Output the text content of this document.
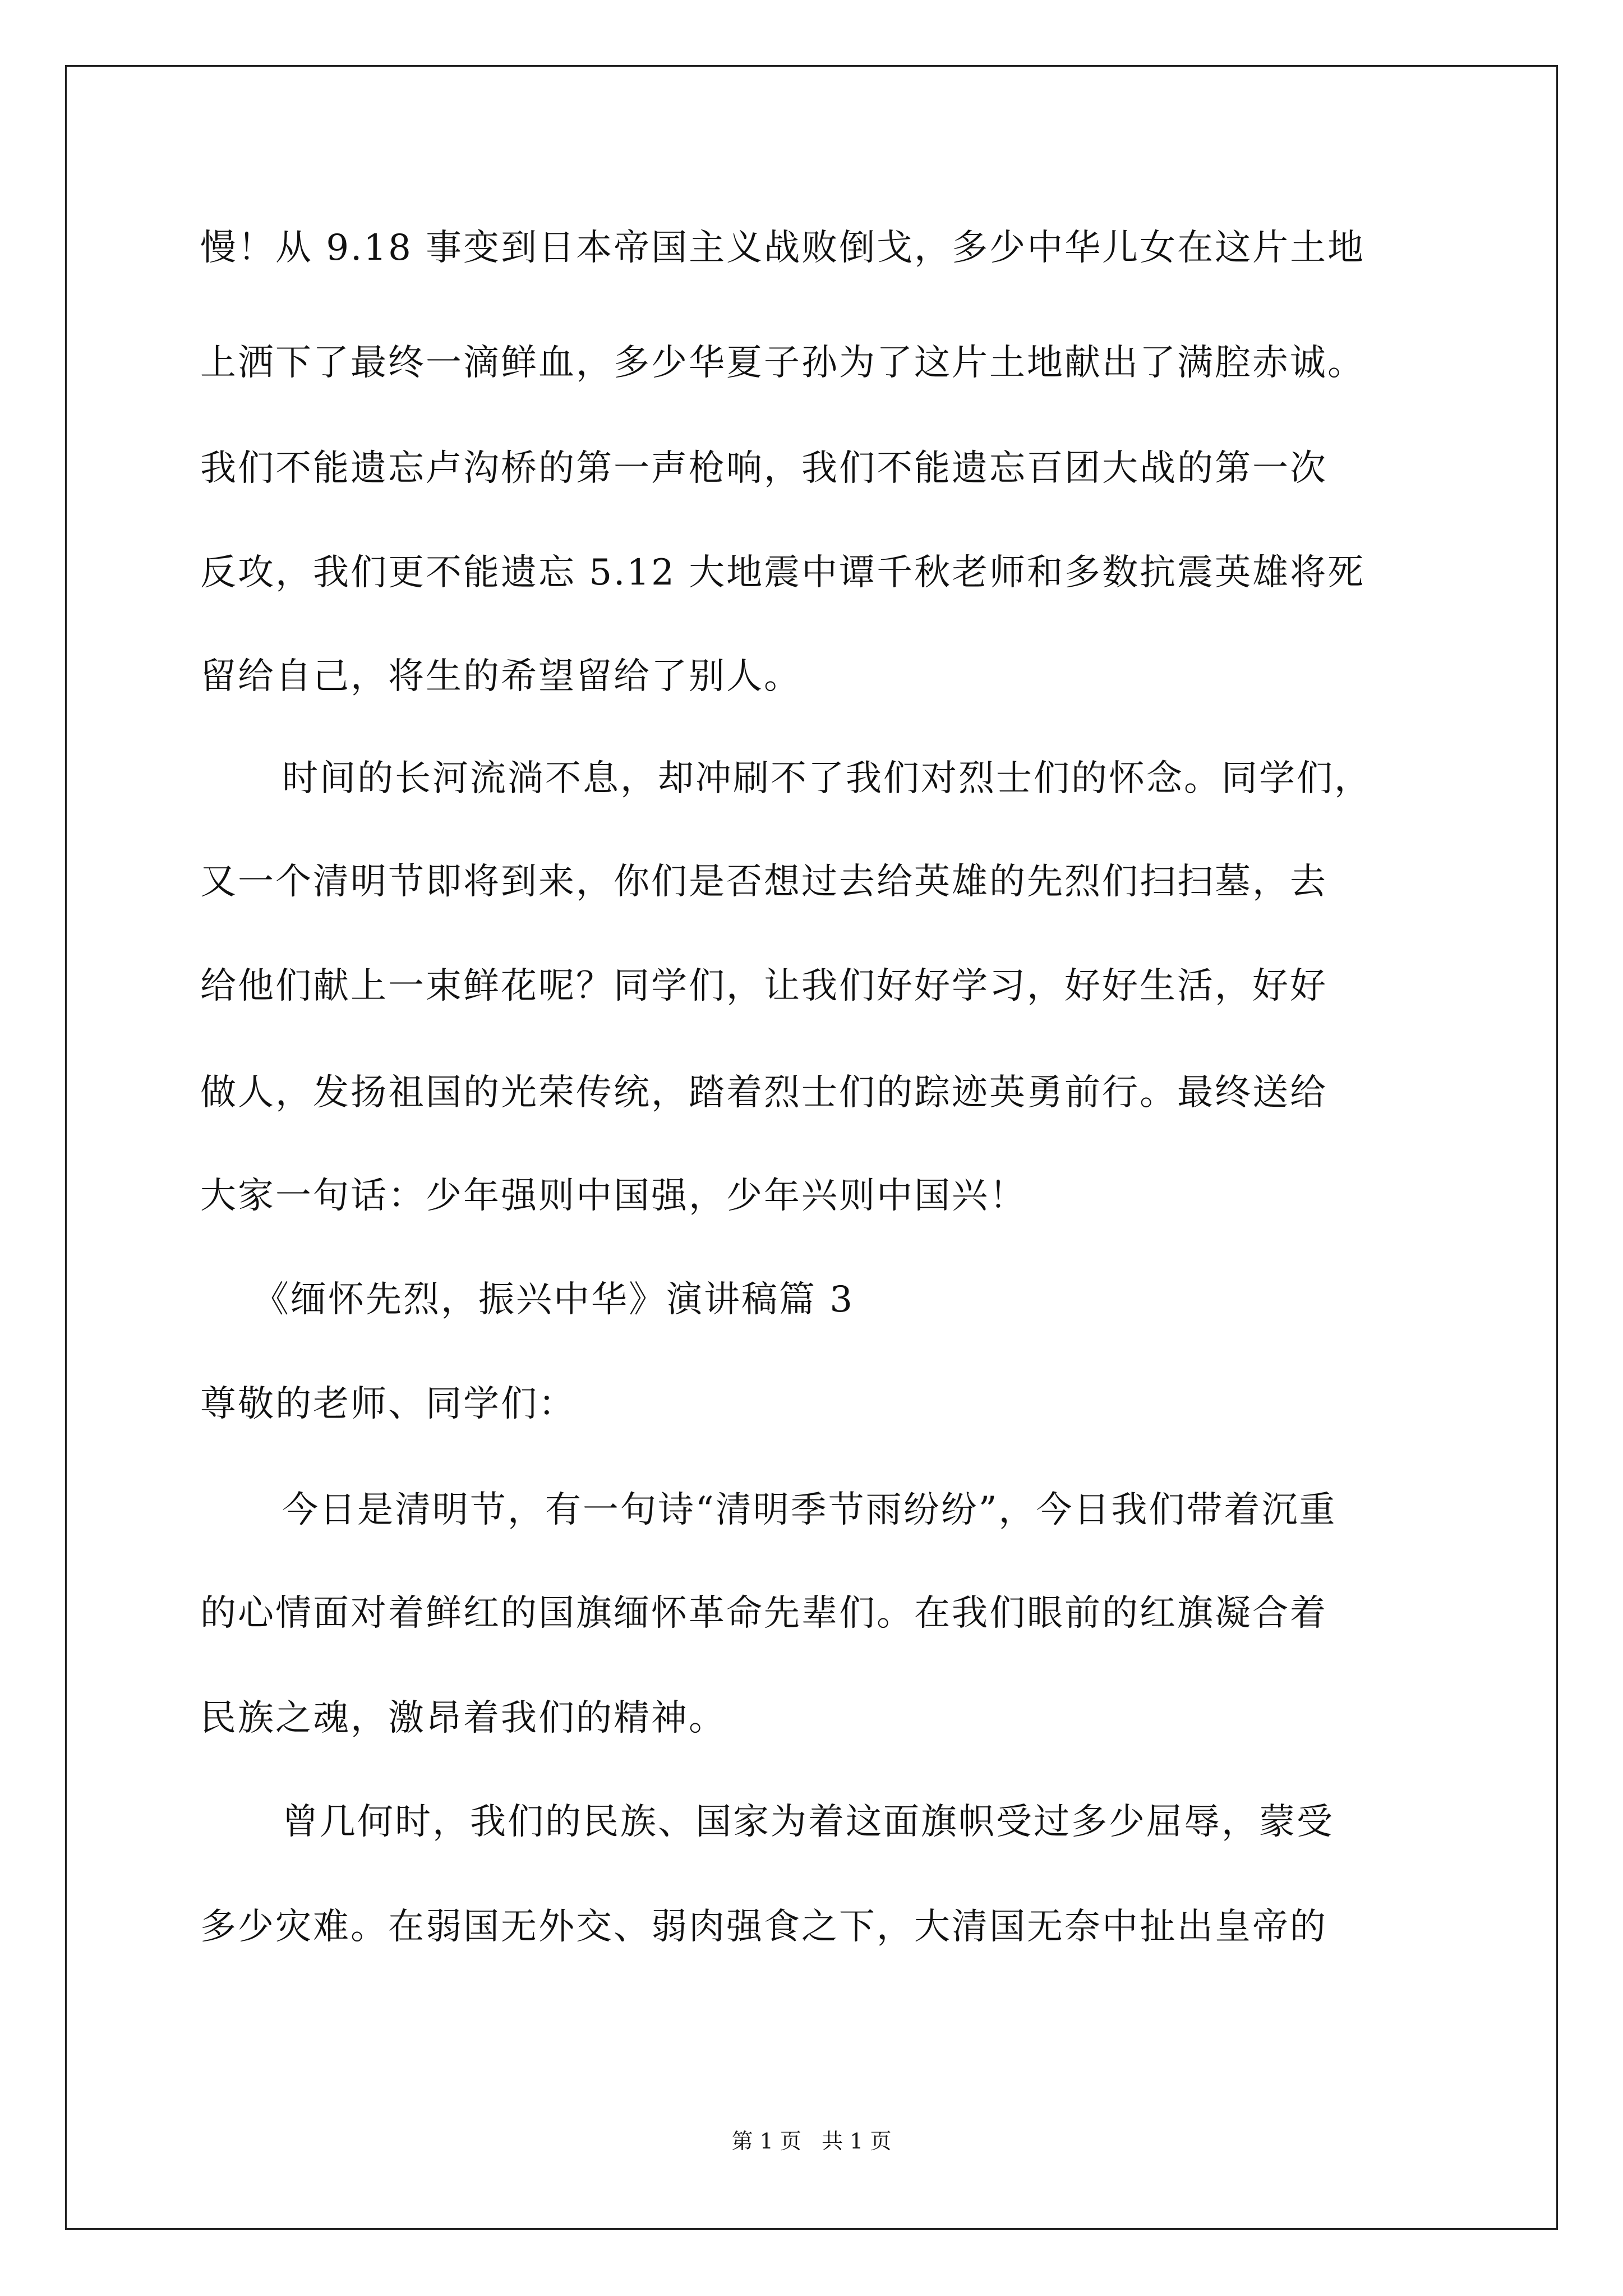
慢！从 9.18 事变到日本帝国主义战败倒戈，多少中华儿女在这片土地
上洒下了最终一滴鲜血，多少华夏子孙为了这片土地献出了满腔赤诚。
我们不能遗忘卢沟桥的第一声枪响，我们不能遗忘百团大战的第一次
反攻，我们更不能遗忘 5.12 大地震中谭千秋老师和多数抗震英雄将死
留给自己，将生的希望留给了别人。
时间的长河流淌不息，却冲刷不了我们对烈士们的怀念。同学们，
又一个清明节即将到来，你们是否想过去给英雄的先烈们扫扫墓，去
给他们献上一束鲜花呢？同学们，让我们好好学习，好好生活，好好
做人，发扬祖国的光荣传统，踏着烈士们的踪迹英勇前行。最终送给
大家一句话：少年强则中国强，少年兴则中国兴！
《缅怀先烈，振兴中华》演讲稿篇 3
尊敬的老师、同学们：
今日是清明节，有一句诗“清明季节雨纷纷”，今日我们带着沉重
的心情面对着鲜红的国旗缅怀革命先辈们。在我们眼前的红旗凝合着
民族之魂，激昂着我们的精神。
曾几何时，我们的民族、国家为着这面旗帜受过多少屈辱，蒙受
多少灾难。在弱国无外交、弱肉强食之下，大清国无奈中扯出皇帝的
第 1 页   共 1 页
